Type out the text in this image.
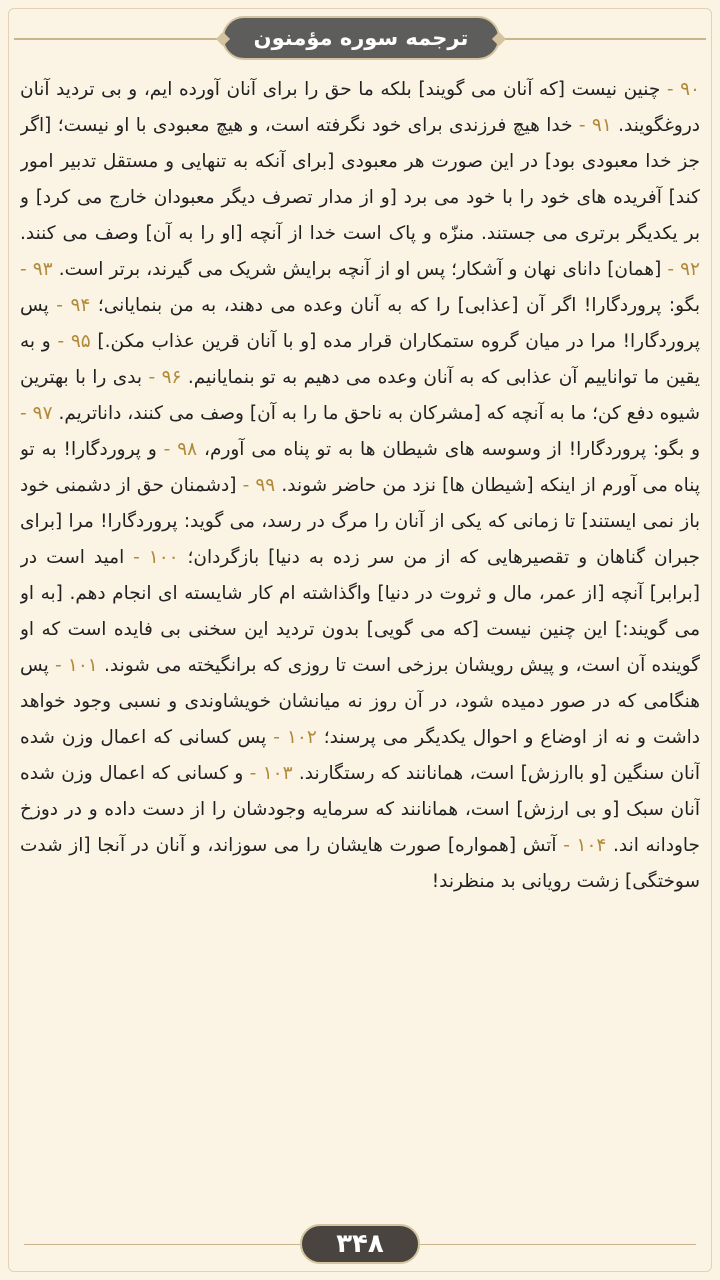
ترجمه سوره مؤمنون

۹۰ - چنین نیست [که آنان می گویند] بلکه ما حق را برای آنان آورده ایم، و بی تردید آنان دروغگویند. ۹۱ - خدا هیچ فرزندی برای خود نگرفته است، و هیچ معبودی با او نیست؛ [اگر جز خدا معبودی بود] در این صورت هر معبودی [برای آنکه به تنهایی و مستقل تدبیر امور کند] آفریده های خود را با خود می برد [و از مدار تصرف دیگر معبودان خارج می کرد] و بر یکدیگر برتری می جستند. منزّه و پاک است خدا از آنچه [او را به آن] وصف می کنند. ۹۲ - [همان] دانای نهان و آشکار؛ پس او از آنچه برایش شریک می گیرند، برتر است. ۹۳ - بگو: پروردگارا! اگر آن [عذابی] را که به آنان وعده می دهند، به من بنمایانی؛ ۹۴ - پس پروردگارا! مرا در میان گروه ستمکاران قرار مده [و با آنان قرین عذاب مکن.] ۹۵ - و به یقین ما تواناییم آن عذابی که به آنان وعده می دهیم به تو بنمایانیم. ۹۶ - بدی را با بهترین شیوه دفع کن؛ ما به آنچه که [مشرکان به ناحق ما را به آن] وصف می کنند، داناتریم. ۹۷ - و بگو: پروردگارا! از وسوسه های شیطان ها به تو پناه می آورم، ۹۸ - و پروردگارا! به تو پناه می آورم از اینکه [شیطان ها] نزد من حاضر شوند. ۹۹ - [دشمنان حق از دشمنی خود باز نمی ایستند] تا زمانی که یکی از آنان را مرگ در رسد، می گوید: پروردگارا! مرا [برای جبران گناهان و تقصیرهایی که از من سر زده به دنیا] بازگردان؛ ۱۰۰ - امید است در [برابر] آنچه [از عمر، مال و ثروت در دنیا] واگذاشته ام کار شایسته ای انجام دهم. [به او می گویند:] این چنین نیست [که می گویی] بدون تردید این سخنی بی فایده است که او گوینده آن است، و پیش رویشان برزخی است تا روزی که برانگیخته می شوند. ۱۰۱ - پس هنگامی که در صور دمیده شود، در آن روز نه میانشان خویشاوندی و نسبی وجود خواهد داشت و نه از اوضاع و احوال یکدیگر می پرسند؛ ۱۰۲ - پس کسانی که اعمال وزن شده آنان سنگین [و باارزش] است، همانانند که رستگارند. ۱۰۳ - و کسانی که اعمال وزن شده آنان سبک [و بی ارزش] است، همانانند که سرمایه وجودشان را از دست داده و در دوزخ جاودانه اند. ۱۰۴ - آتش [همواره] صورت هایشان را می سوزاند، و آنان در آنجا [از شدت سوختگی] زشت رویانی بد منظرند!

۳۴۸
